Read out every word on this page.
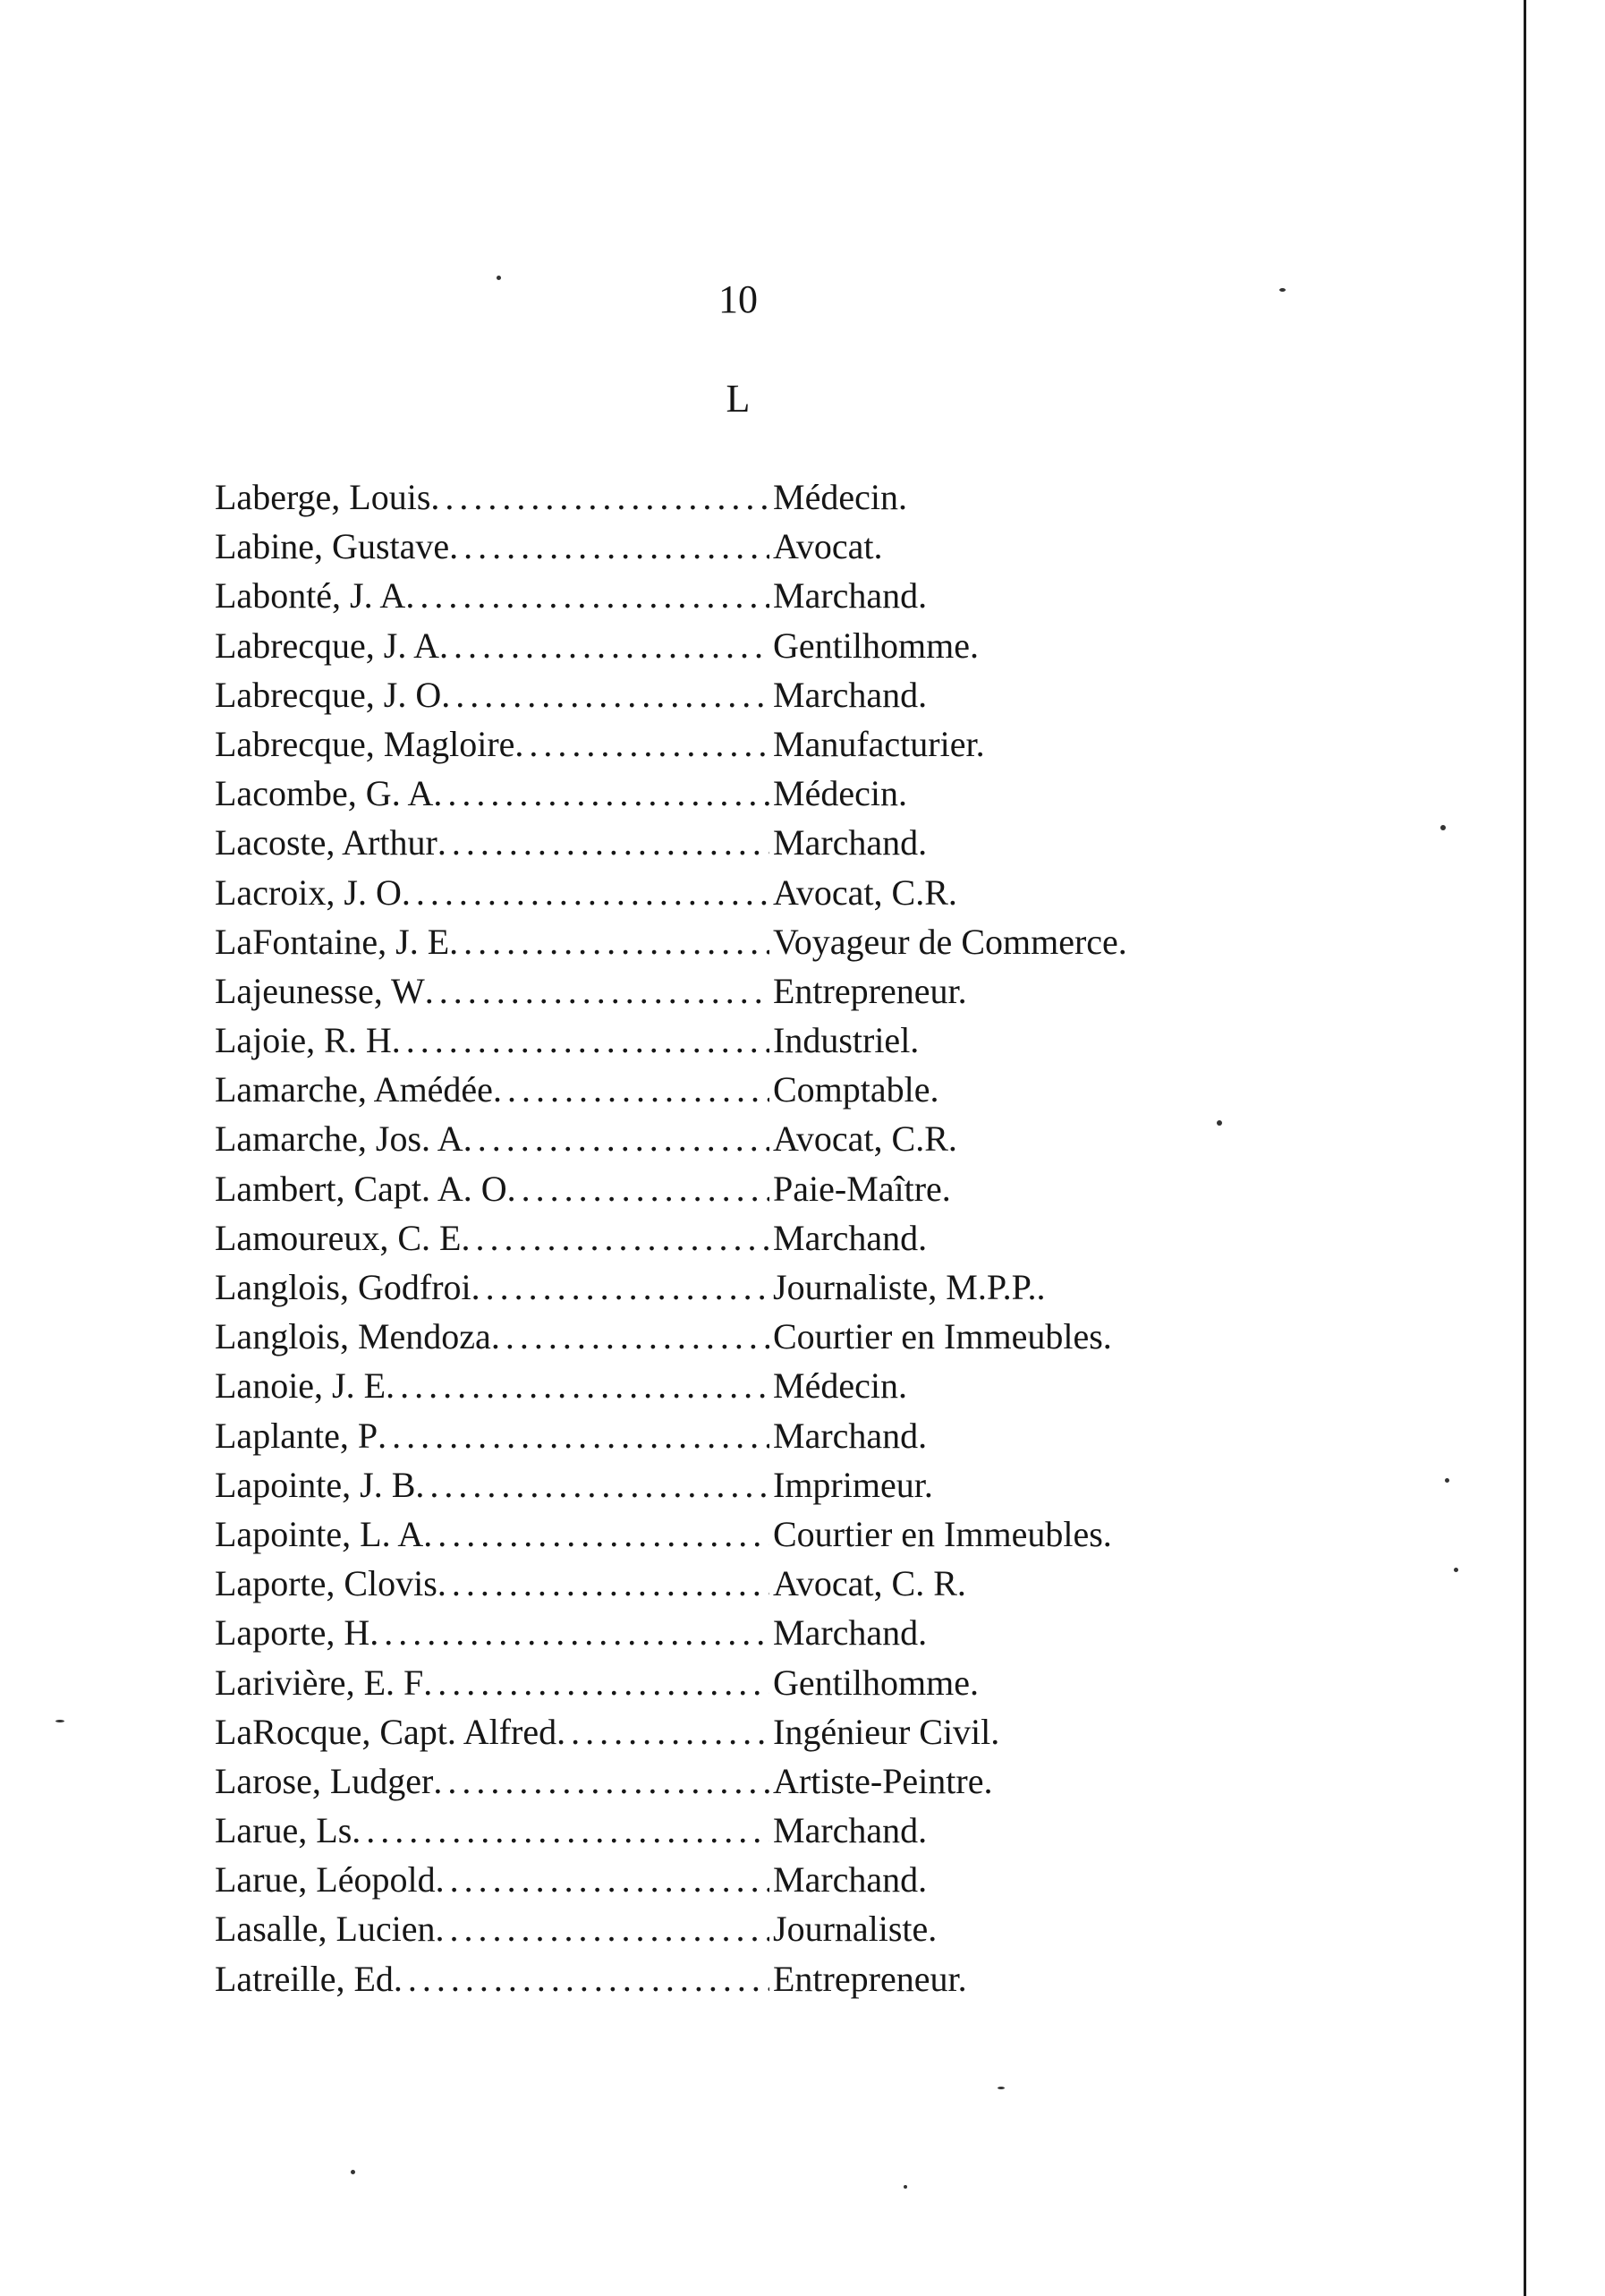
10
L
Laberge, Louis .....	Médecin.
Labine, Gustave .....	Avocat.
Labonté, J. A .....	Marchand.
Labrecque, J. A .....	Gentilhomme.
Labrecque, J. O .....	Marchand.
Labrecque, Magloire .....	Manufacturier.
Lacombe, G. A .....	Médecin.
Lacoste, Arthur .....	Marchand.
Lacroix, J. O .....	Avocat, C.R.
LaFontaine, J. E .....	Voyageur de Commerce.
Lajeunesse, W .....	Entrepreneur.
Lajoie, R. H .....	Industriel.
Lamarche, Amédée .....	Comptable.
Lamarche, Jos. A .....	Avocat, C.R.
Lambert, Capt. A. O .....	Paie-Maître.
Lamoureux, C. E .....	Marchand.
Langlois, Godfroi .....	Journaliste, M.P.P..
Langlois, Mendoza .....	Courtier en Immeubles.
Lanoie, J. E .....	Médecin.
Laplante, P .....	Marchand.
Lapointe, J. B .....	Imprimeur.
Lapointe, L. A .....	Courtier en Immeubles.
Laporte, Clovis .....	Avocat, C. R.
Laporte, H .....	Marchand.
Larivière, E. F .....	Gentilhomme.
LaRocque, Capt. Alfred .....	Ingénieur Civil.
Larose, Ludger .....	Artiste-Peintre.
Larue, Ls .....	Marchand.
Larue, Léopold .....	Marchand.
Lasalle, Lucien .....	Journaliste.
Latreille, Ed .....	Entrepreneur.
